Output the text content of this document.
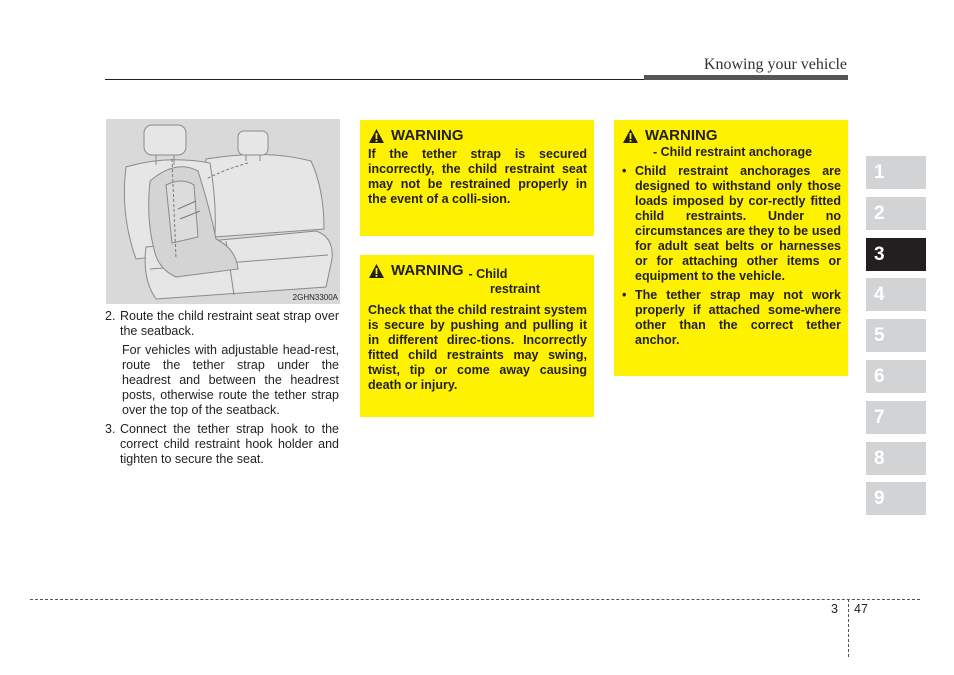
Knowing your vehicle
2GHN3300A
2. Route the child restraint seat strap over the seatback.
For vehicles with adjustable head-rest, route the tether strap under the headrest and between the headrest posts, otherwise route the tether strap over the top of the seatback.
3. Connect the tether strap hook to the correct child restraint hook holder and tighten to secure the seat.
WARNING
If the tether strap is secured incorrectly, the child restraint seat may not be restrained properly in the event of a colli-sion.
WARNING - Child
restraint
Check that the child restraint system is secure by pushing and pulling it in different direc-tions. Incorrectly fitted child restraints may swing, twist, tip or come away causing death or injury.
WARNING
- Child restraint anchorage
• Child restraint anchorages are designed to withstand only those loads imposed by cor-rectly fitted child restraints. Under no circumstances are they to be used for adult seat belts or harnesses or for attaching other items or equipment to the vehicle.
• The tether strap may not work properly if attached some-where other than the correct tether anchor.
1
2
3
4
5
6
7
8
9
3 47
